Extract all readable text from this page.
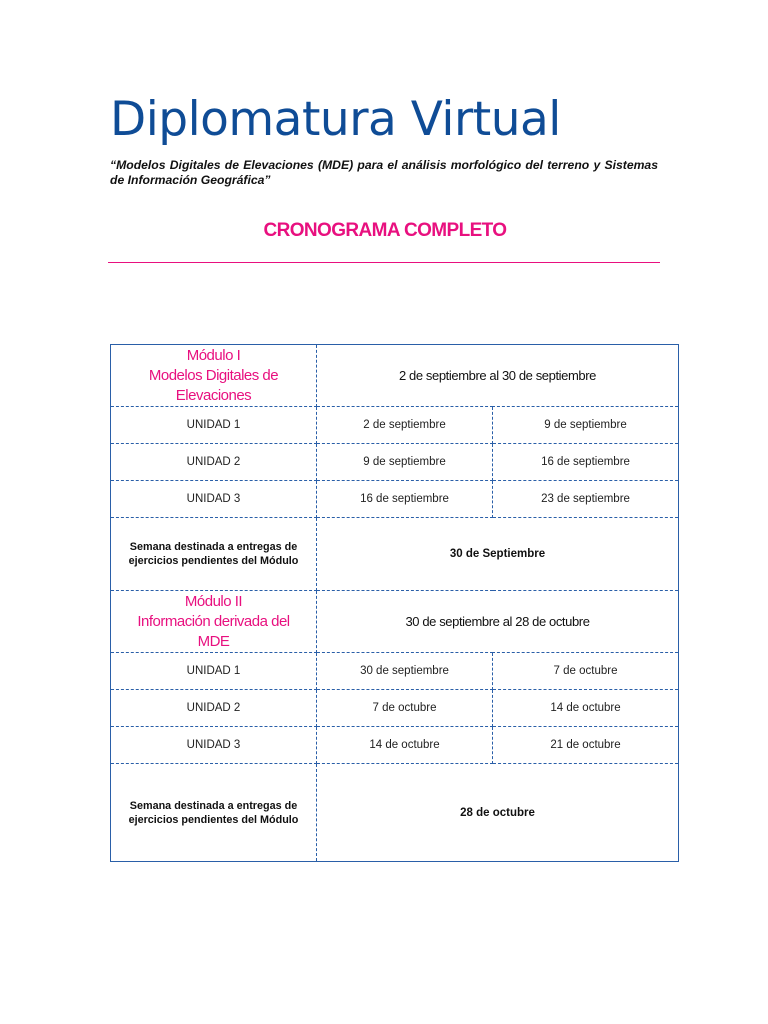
Diplomatura Virtual
“Modelos Digitales de Elevaciones (MDE) para el análisis morfológico del terreno y Sistemas de Información Geográfica”
CRONOGRAMA COMPLETO
Módulo I
Modelos Digitales de
Elevaciones	2 de septiembre al 30 de septiembre	
UNIDAD 1	2 de septiembre	9 de septiembre
UNIDAD 2	9 de septiembre	16 de septiembre
UNIDAD 3	16 de septiembre	23 de septiembre

Semana destinada a entregas de ejercicios pendientes del Módulo	30 de Septiembre	

Módulo II
Información derivada del
MDE	30 de septiembre al 28 de octubre	
UNIDAD 1	30 de septiembre	7 de octubre
UNIDAD 2	7 de octubre	14 de octubre
UNIDAD 3	14 de octubre	21 de octubre

Semana destinada a entregas de ejercicios pendientes del Módulo	28 de octubre	
